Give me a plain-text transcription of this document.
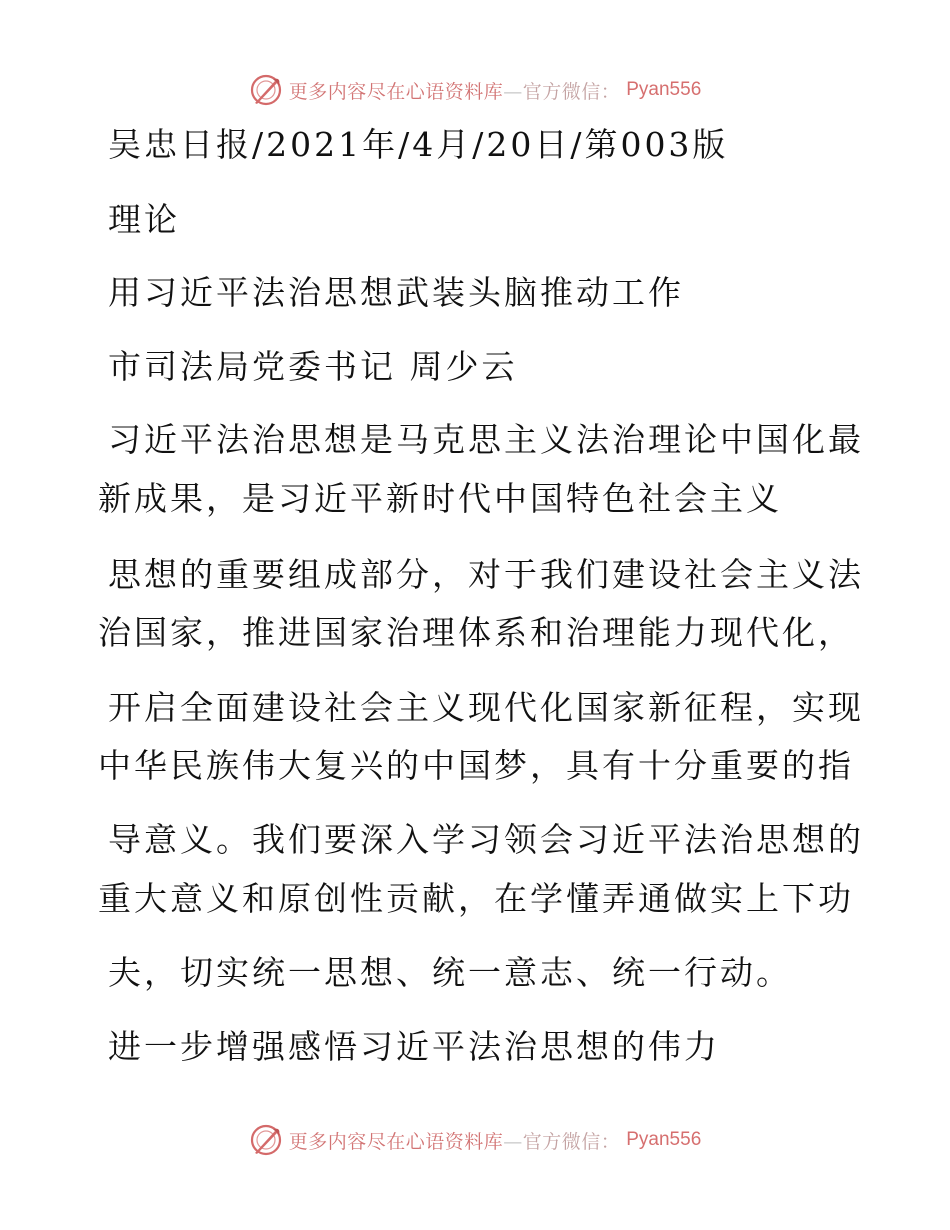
更多内容尽在心语资料库—官方微信： Pyan556
吴忠日报/2021年/4月/20日/第003版
理论
用习近平法治思想武装头脑推动工作
市司法局党委书记 周少云
习近平法治思想是马克思主义法治理论中国化最
新成果，是习近平新时代中国特色社会主义
思想的重要组成部分，对于我们建设社会主义法
治国家，推进国家治理体系和治理能力现代化，
开启全面建设社会主义现代化国家新征程，实现
中华民族伟大复兴的中国梦，具有十分重要的指
导意义。我们要深入学习领会习近平法治思想的
重大意义和原创性贡献，在学懂弄通做实上下功
夫，切实统一思想、统一意志、统一行动。
进一步增强感悟习近平法治思想的伟力
更多内容尽在心语资料库—官方微信： Pyan556
